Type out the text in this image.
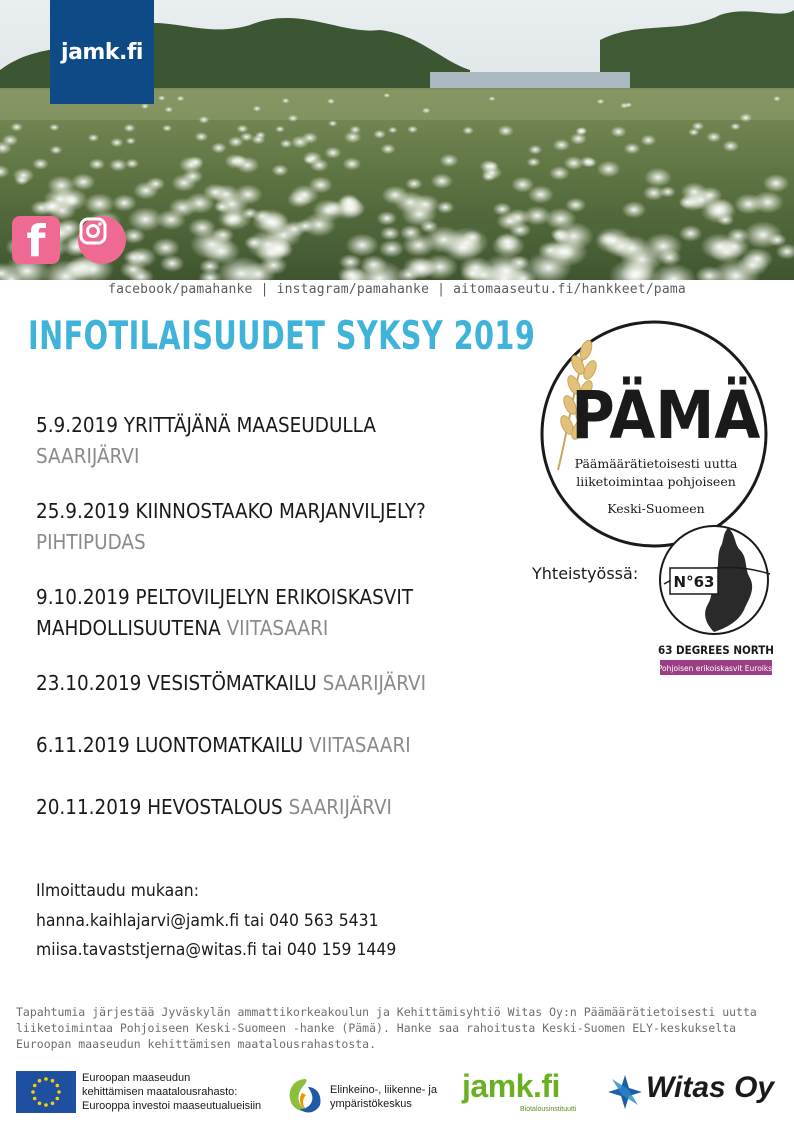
jamk.fi
f
facebook/pamahanke | instagram/pamahanke | aitomaaseutu.fi/hankkeet/pama
INFOTILAISUUDET SYKSY 2019
5.9.2019 YRITTÄJÄNÄ MAASEUDULLA
SAARIJÄRVI
25.9.2019 KIINNOSTAAKO MARJANVILJELY?
PIHTIPUDAS
9.10.2019 PELTOVILJELYN ERIKOISKASVIT
MAHDOLLISUUTENA VIITASAARI
23.10.2019 VESISTÖMATKAILU SAARIJÄRVI
6.11.2019 LUONTOMATKAILU VIITASAARI
20.11.2019 HEVOSTALOUS SAARIJÄRVI
Ilmoittaudu mukaan:
hanna.kaihlajarvi@jamk.fi tai 040 563 5431
miisa.tavaststjerna@witas.fi tai 040 159 1449
PÄMÄ
Päämäärätietoisesti uutta
liiketoimintaa pohjoiseen
Keski-Suomeen
Yhteistyössä: N°63
63 DEGREES NORTH
Pohjoisen erikoiskasvit Euroiksi
Tapahtumia järjestää Jyväskylän ammattikorkeakoulun ja Kehittämisyhtiö Witas Oy:n Päämäärätietoisesti uutta liiketoimintaa Pohjoiseen Keski-Suomeen -hanke (Pämä). Hanke saa rahoitusta Keski-Suomen ELY-keskukselta Euroopan maaseudun kehittämisen maatalousrahastosta.
Euroopan maaseudun
kehittämisen maatalousrahasto:
Eurooppa investoi maaseutualueisiin
Elinkeino-, liikenne- ja
ympäristökeskus	jamk.fi
Biotalousinstituutti
Witas Oy
